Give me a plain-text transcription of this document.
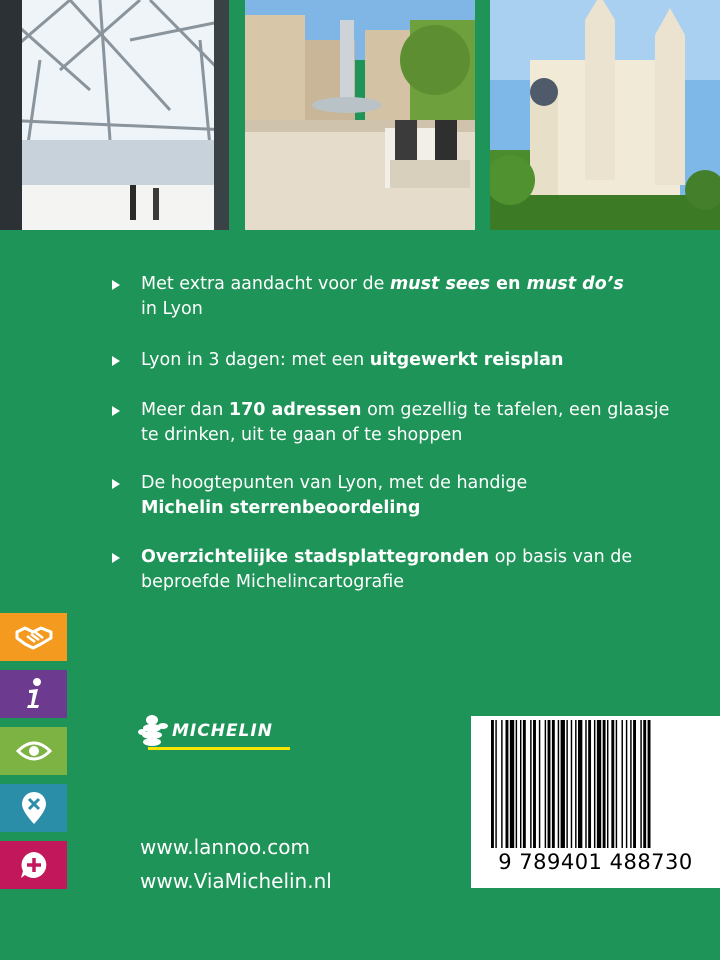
Met extra aandacht voor de must sees en must do’s
in Lyon
Lyon in 3 dagen: met een uitgewerkt reisplan
Meer dan 170 adressen om gezellig te tafelen, een glaasje te drinken, uit te gaan of te shoppen
De hoogtepunten van Lyon, met de handige
Michelin sterrenbeoordeling
Overzichtelijke stadsplattegronden op basis van de beproefde Michelincartografie
MICHELIN
www.lannoo.com
www.ViaMichelin.nl
9 789401 488730
